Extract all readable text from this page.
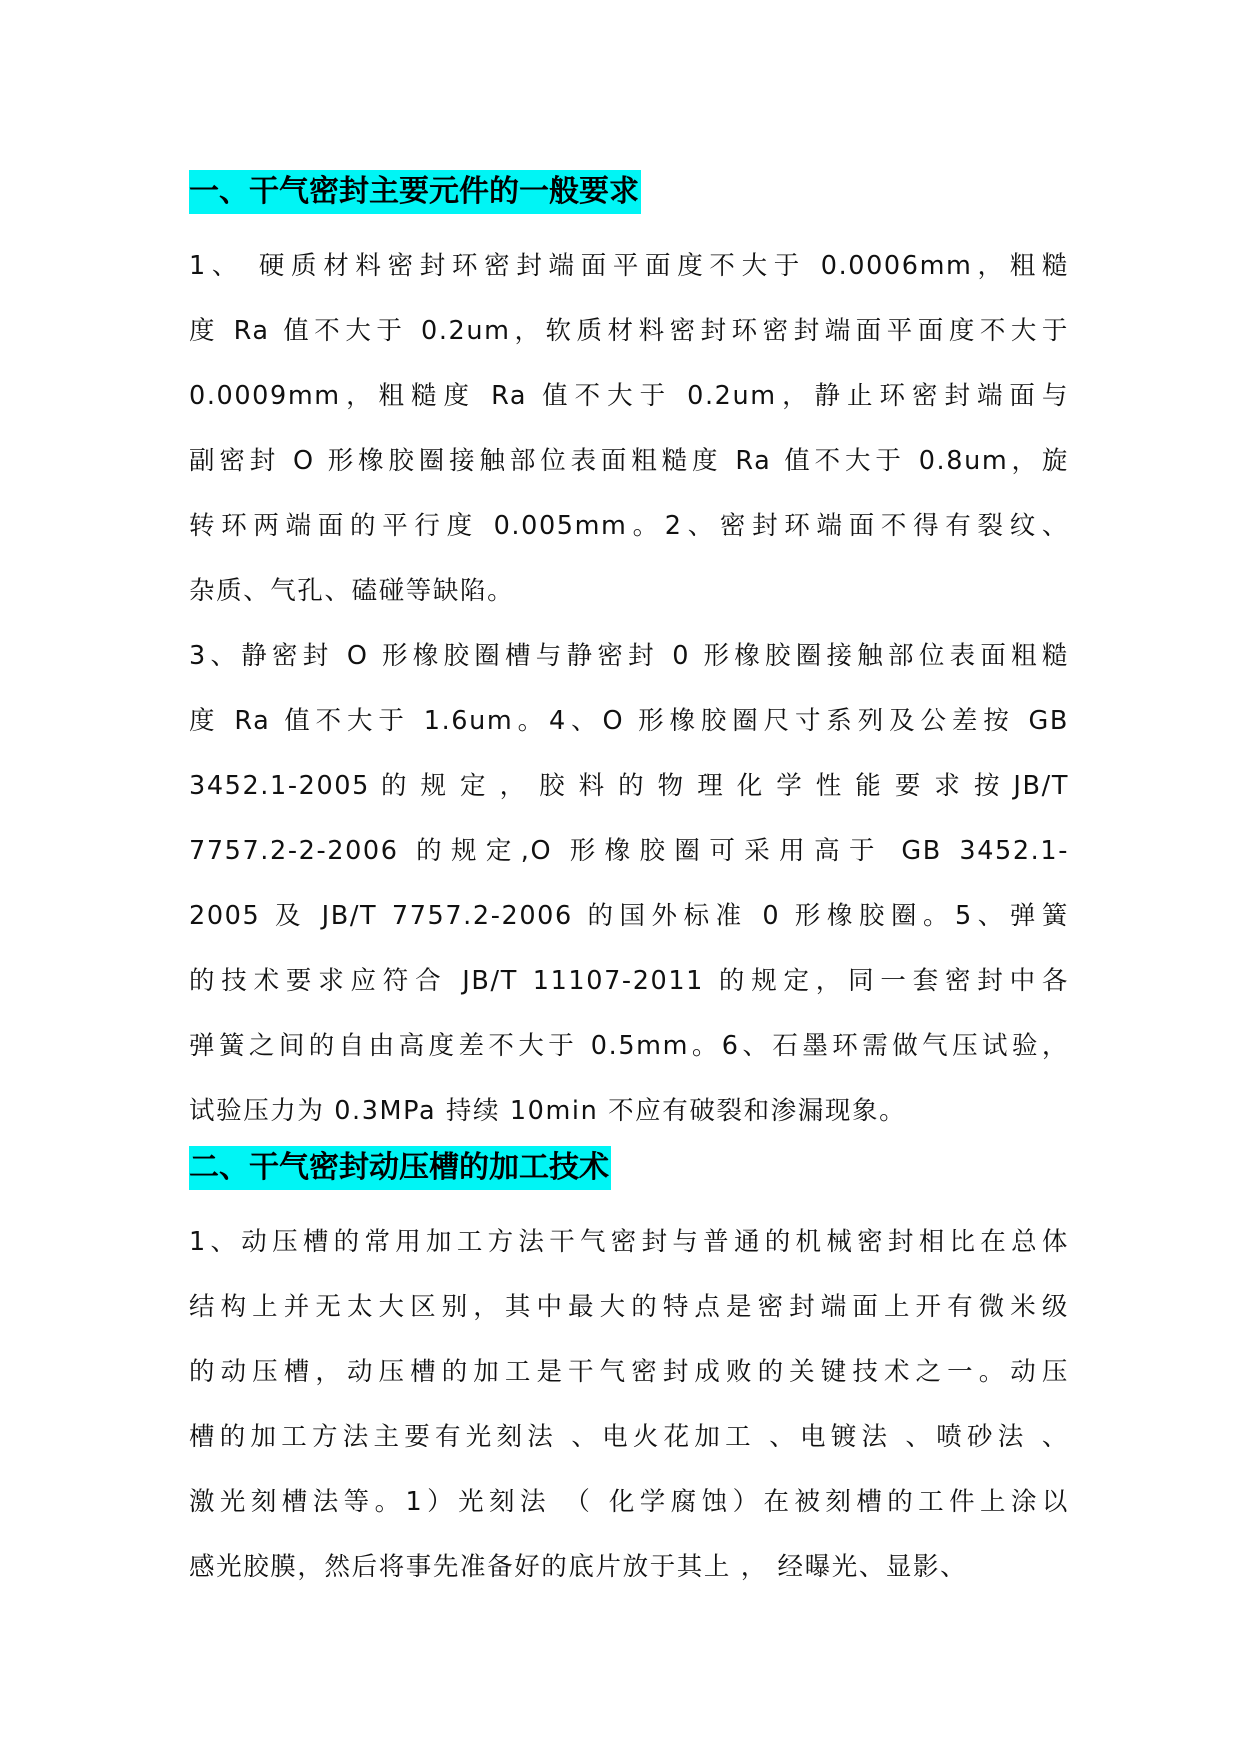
一、干气密封主要元件的一般要求

1、 硬质材料密封环密封端面平面度不大于 0.0006mm，粗糙
度 Ra 值不大于 0.2um，软质材料密封环密封端面平面度不大于
0.0009mm，粗糙度 Ra 值不大于 0.2um，静止环密封端面与
副密封 O 形橡胶圈接触部位表面粗糙度 Ra 值不大于 0.8um，旋
转环两端面的平行度 0.005mm。2、密封环端面不得有裂纹、
杂质、气孔、磕碰等缺陷。

3、静密封 O 形橡胶圈槽与静密封 0 形橡胶圈接触部位表面粗糙
度 Ra 值不大于 1.6um。4、O 形橡胶圈尺寸系列及公差按 GB
3452.1-2005 的 规 定 ， 胶 料 的 物 理 化 学 性 能 要 求 按 JB/T
7757.2-2-2006 的规定,O 形橡胶圈可采用高于 GB 3452.1-
2005 及 JB/T 7757.2-2006 的国外标准 0 形橡胶圈。5、弹簧
的技术要求应符合 JB/T 11107-2011 的规定，同一套密封中各
弹簧之间的自由高度差不大于 0.5mm。6、石墨环需做气压试验，
试验压力为 0.3MPa 持续 10min 不应有破裂和渗漏现象。

二、干气密封动压槽的加工技术

1、动压槽的常用加工方法干气密封与普通的机械密封相比在总体
结构上并无太大区别，其中最大的特点是密封端面上开有微米级
的动压槽，动压槽的加工是干气密封成败的关键技术之一。动压
槽的加工方法主要有光刻法 、电火花加工 、电镀法 、喷砂法 、
激光刻槽法等。1）光刻法 （ 化学腐蚀）在被刻槽的工件上涂以
感光胶膜，然后将事先准备好的底片放于其上 ， 经曝光、显影、
